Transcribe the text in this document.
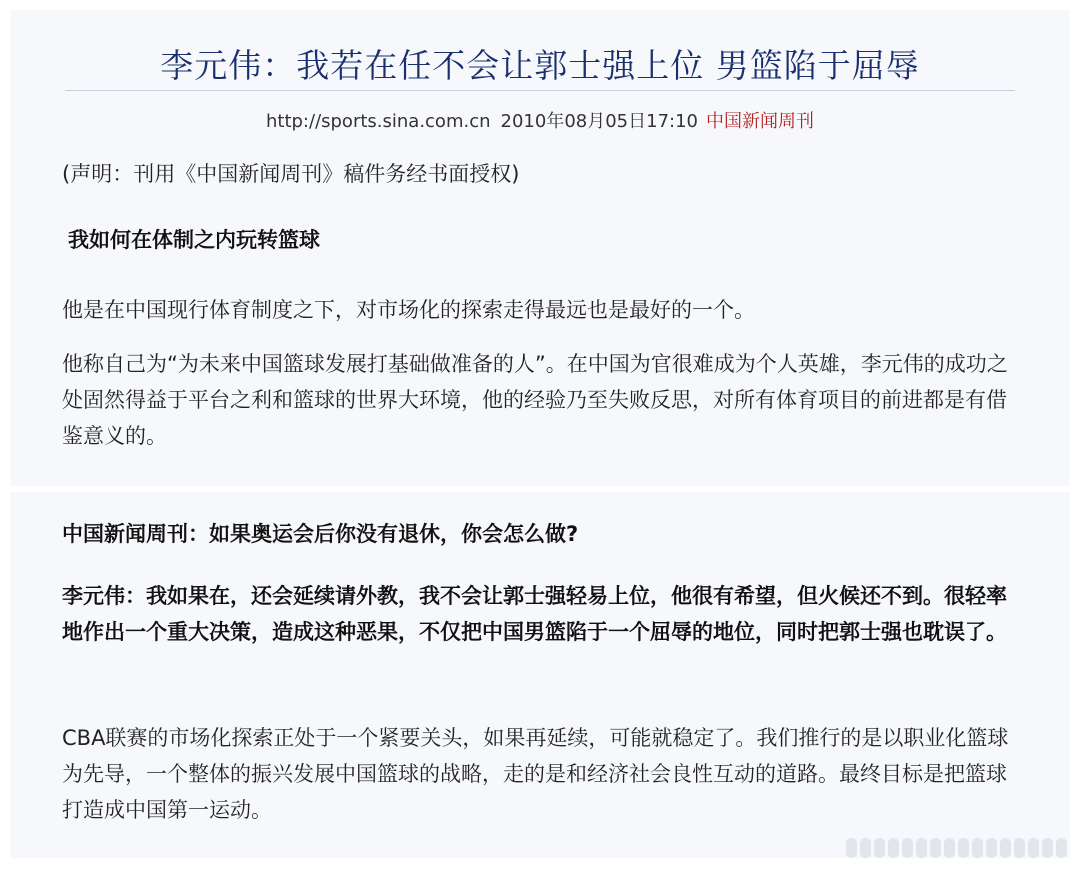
李元伟：我若在任不会让郭士强上位 男篮陷于屈辱
http://sports.sina.com.cn 2010年08月05日17:10 中国新闻周刊
(声明：刊用《中国新闻周刊》稿件务经书面授权)
我如何在体制之内玩转篮球
他是在中国现行体育制度之下，对市场化的探索走得最远也是最好的一个。
他称自己为“为未来中国篮球发展打基础做准备的人”。在中国为官很难成为个人英雄，李元伟的成功之处固然得益于平台之利和篮球的世界大环境，他的经验乃至失败反思，对所有体育项目的前进都是有借鉴意义的。
中国新闻周刊：如果奥运会后你没有退休，你会怎么做?
李元伟：我如果在，还会延续请外教，我不会让郭士强轻易上位，他很有希望，但火候还不到。很轻率地作出一个重大决策，造成这种恶果，不仅把中国男篮陷于一个屈辱的地位，同时把郭士强也耽误了。
CBA联赛的市场化探索正处于一个紧要关头，如果再延续，可能就稳定了。我们推行的是以职业化篮球为先导，一个整体的振兴发展中国篮球的战略，走的是和经济社会良性互动的道路。最终目标是把篮球打造成中国第一运动。
